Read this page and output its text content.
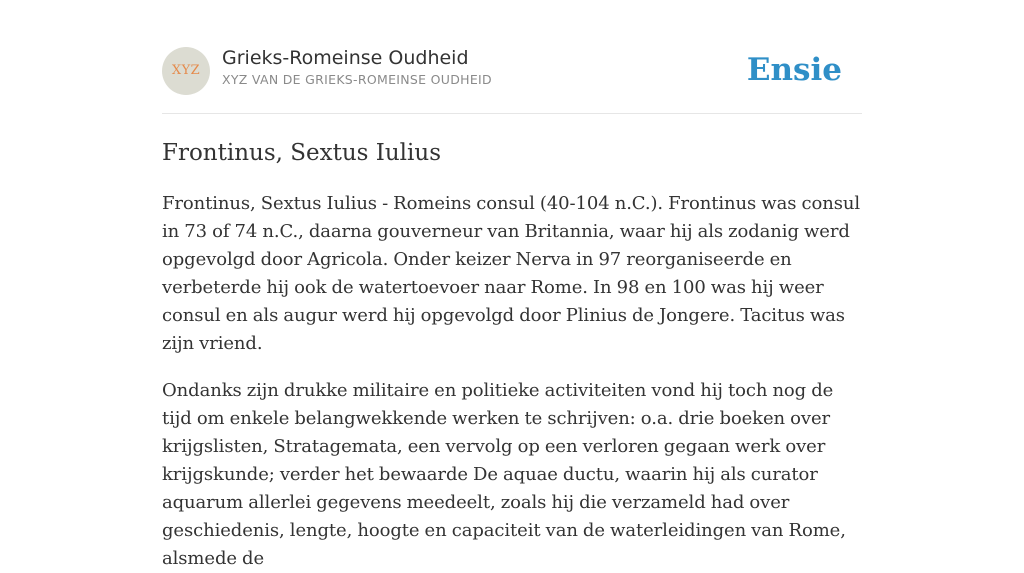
XYZ
Grieks-Romeinse Oudheid
XYZ VAN DE GRIEKS-ROMEINSE OUDHEID	Ensie
Frontinus, Sextus Iulius

Frontinus, Sextus Iulius - Romeins consul (40-104 n.C.). Frontinus was consul in 73 of 74 n.C., daarna gouverneur van Britannia, waar hij als zodanig werd opgevolgd door Agricola. Onder keizer Nerva in 97 reorganiseerde en verbeterde hij ook de watertoevoer naar Rome. In 98 en 100 was hij weer consul en als augur werd hij opgevolgd door Plinius de Jongere. Tacitus was zijn vriend.

Ondanks zijn drukke militaire en politieke activiteiten vond hij toch nog de tijd om enkele belangwekkende werken te schrijven: o.a. drie boeken over krijgslisten, Stratagemata, een vervolg op een verloren gegaan werk over krijgskunde; verder het bewaarde De aquae ductu, waarin hij als curator aquarum allerlei gegevens meedeelt, zoals hij die verzameld had over geschiedenis, lengte, hoogte en capaciteit van de waterleidingen van Rome, alsmede de
